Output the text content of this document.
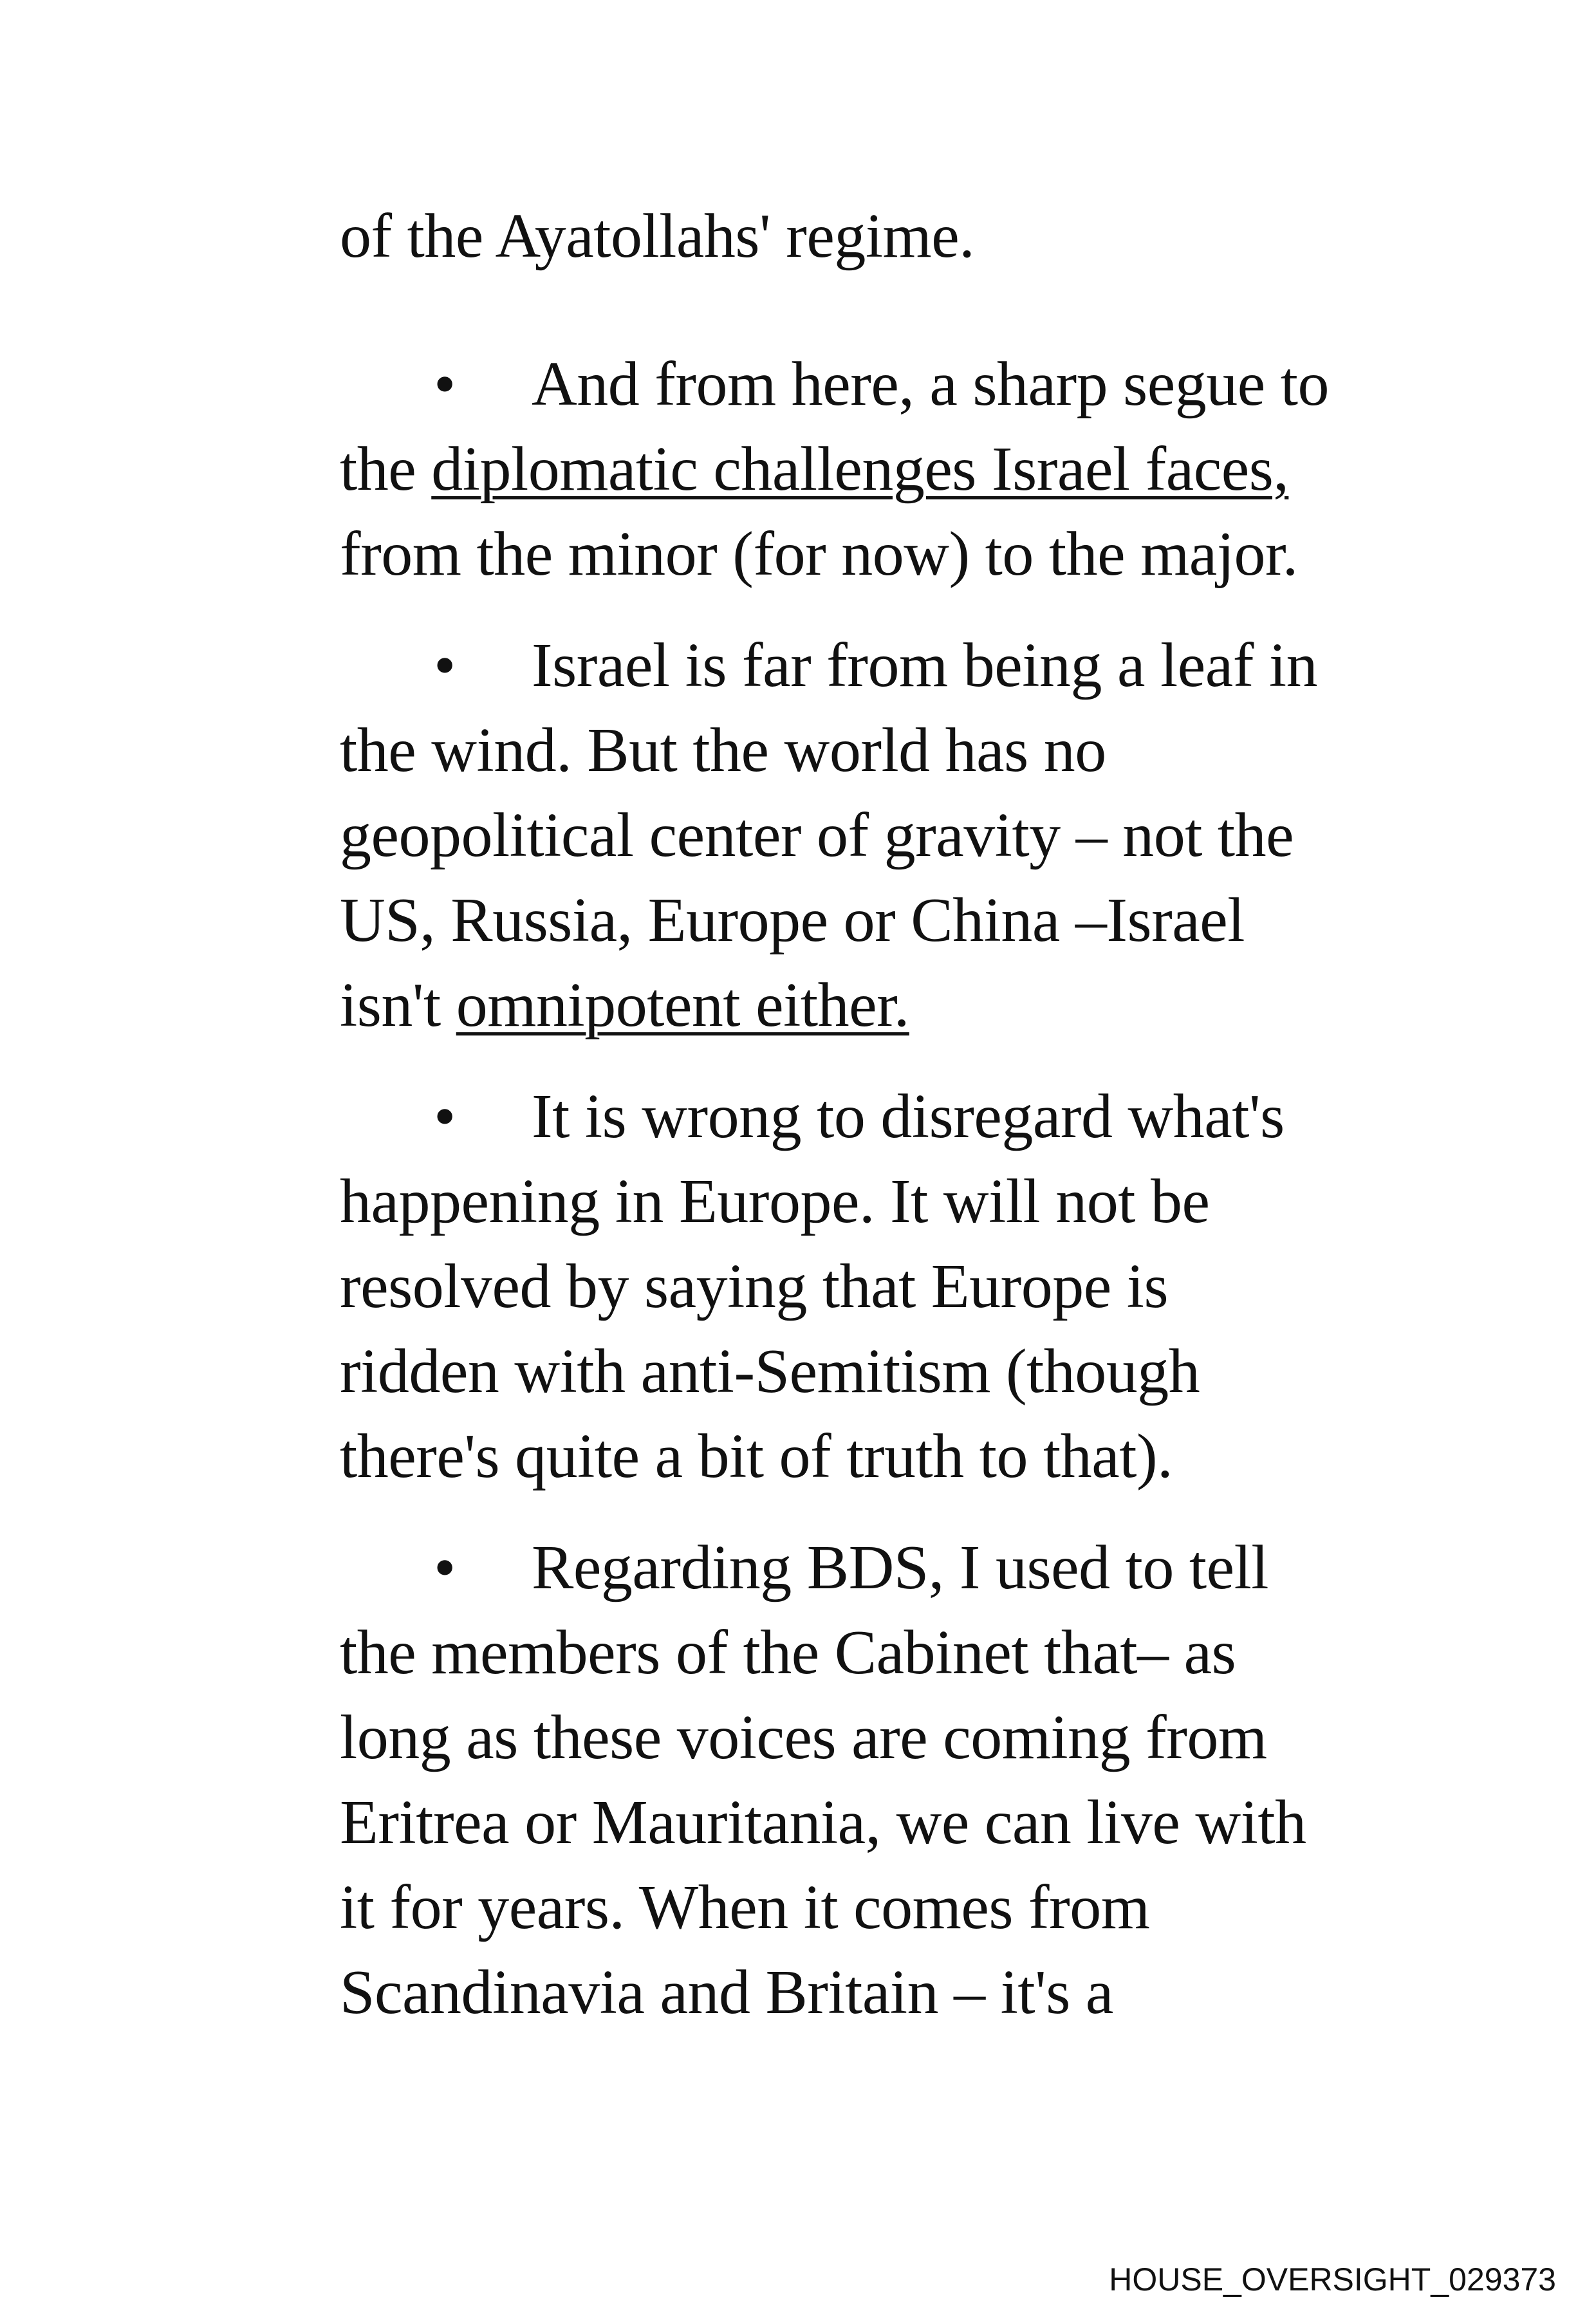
of the Ayatollahs' regime.

• And from here, a sharp segue to

the diplomatic challenges Israel faces,

from the minor (for now) to the major.

• Israel is far from being a leaf in

the wind. But the world has no

geopolitical center of gravity – not the

US, Russia, Europe or China –Israel

isn't omnipotent either.

• It is wrong to disregard what's

happening in Europe. It will not be

resolved by saying that Europe is

ridden with anti-Semitism (though

there's quite a bit of truth to that).

• Regarding BDS, I used to tell

the members of the Cabinet that– as

long as these voices are coming from

Eritrea or Mauritania, we can live with

it for years. When it comes from

Scandinavia and Britain – it's a

HOUSE_OVERSIGHT_029373
